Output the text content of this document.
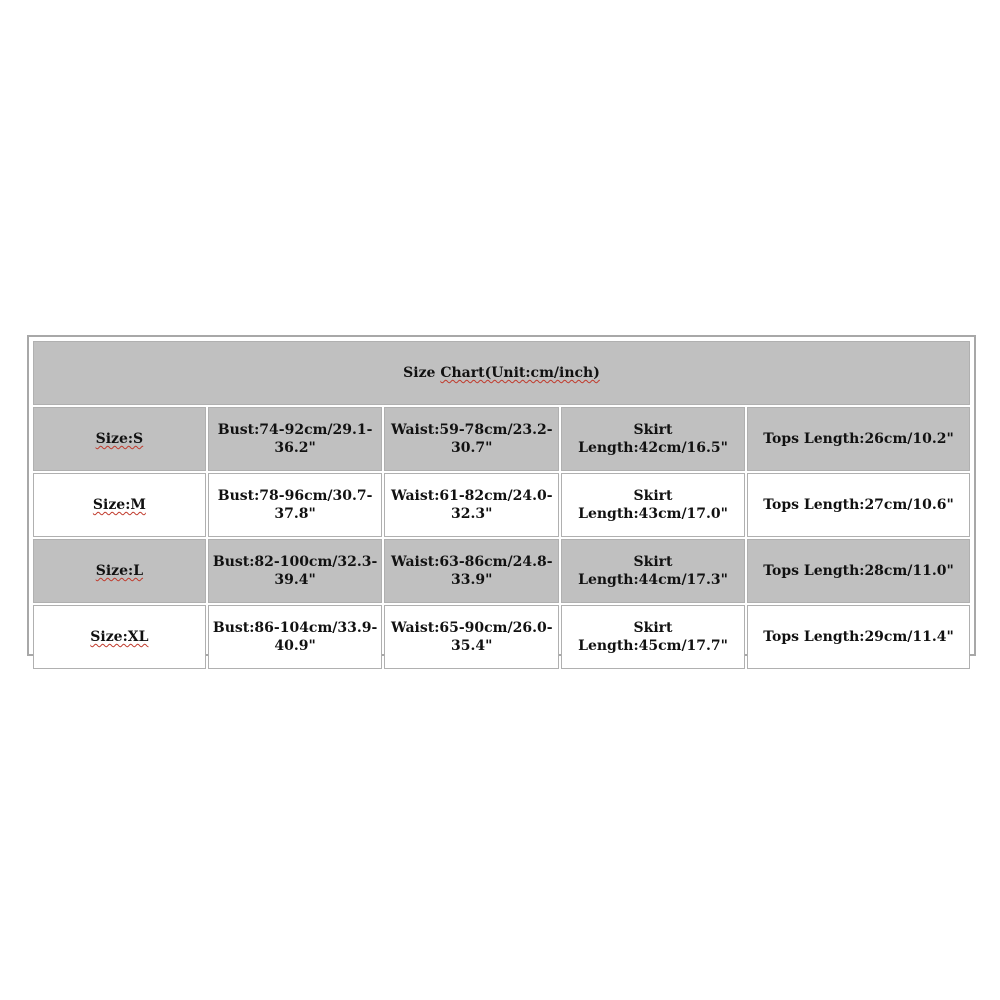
Size Chart(Unit:cm/inch)				
Size:S	Bust:74-92cm/29.1-36.2"	Waist:59-78cm/23.2-30.7"	Skirt Length:42cm/16.5"	Tops Length:26cm/10.2"
Size:M	Bust:78-96cm/30.7-37.8"	Waist:61-82cm/24.0-32.3"	Skirt Length:43cm/17.0"	Tops Length:27cm/10.6"
Size:L	Bust:82-100cm/32.3-39.4"	Waist:63-86cm/24.8-33.9"	Skirt Length:44cm/17.3"	Tops Length:28cm/11.0"
Size:XL	Bust:86-104cm/33.9-40.9"	Waist:65-90cm/26.0-35.4"	Skirt Length:45cm/17.7"	Tops Length:29cm/11.4"
